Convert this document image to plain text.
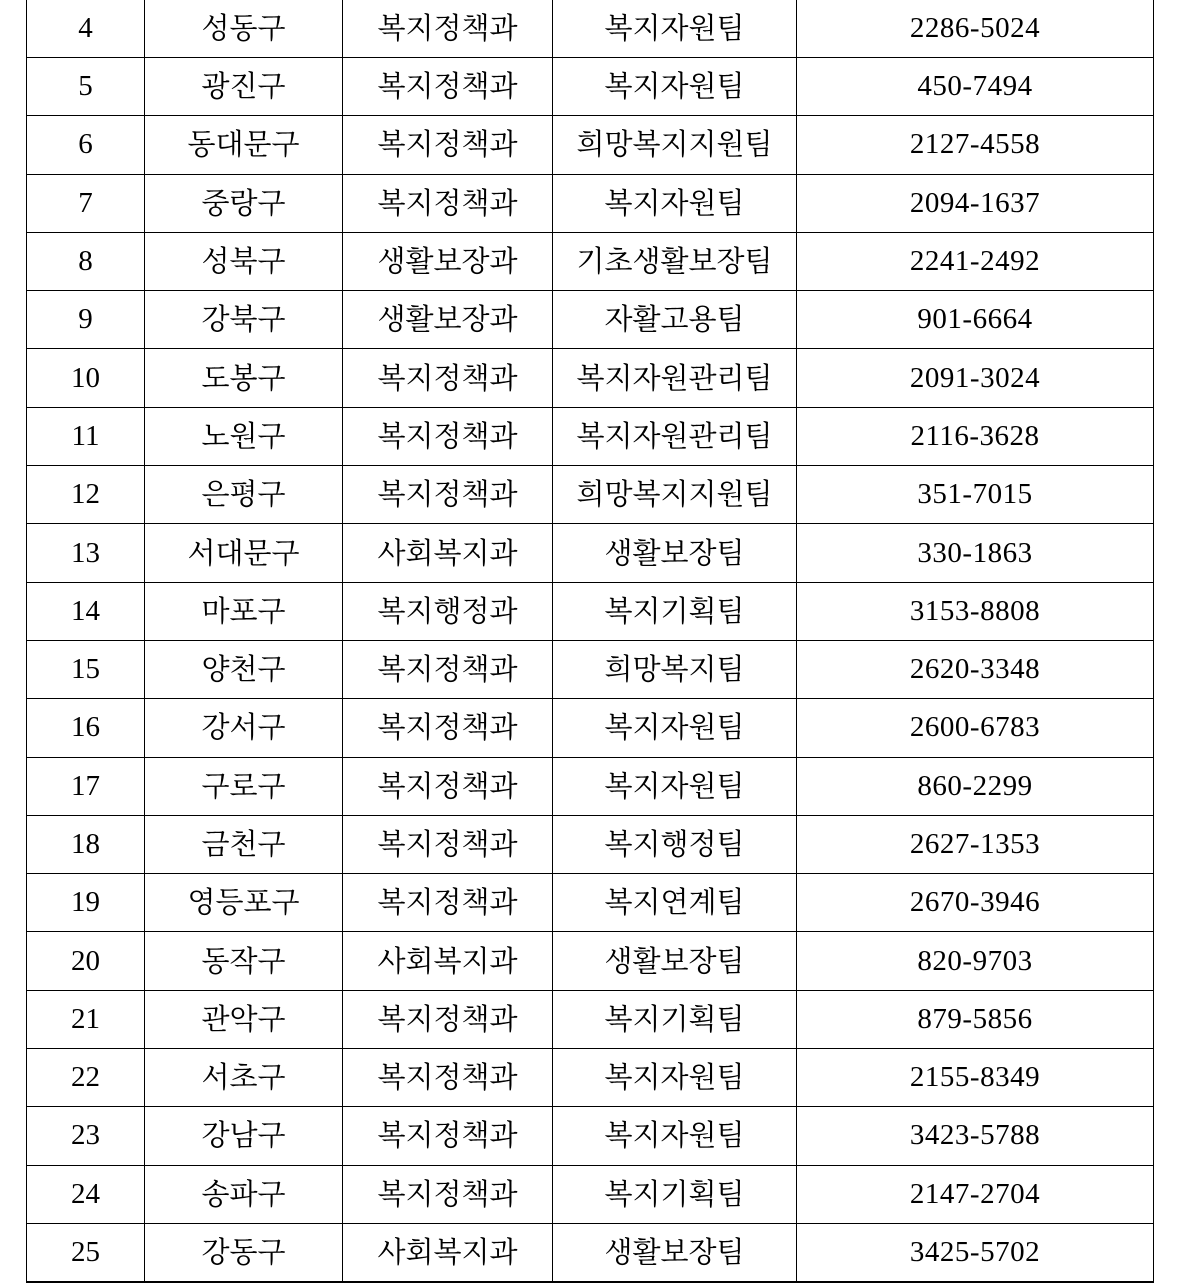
4	성동구	복지정책과	복지자원팀	2286-5024
5	광진구	복지정책과	복지자원팀	450-7494
6	동대문구	복지정책과	희망복지지원팀	2127-4558
7	중랑구	복지정책과	복지자원팀	2094-1637
8	성북구	생활보장과	기초생활보장팀	2241-2492
9	강북구	생활보장과	자활고용팀	901-6664
10	도봉구	복지정책과	복지자원관리팀	2091-3024
11	노원구	복지정책과	복지자원관리팀	2116-3628
12	은평구	복지정책과	희망복지지원팀	351-7015
13	서대문구	사회복지과	생활보장팀	330-1863
14	마포구	복지행정과	복지기획팀	3153-8808
15	양천구	복지정책과	희망복지팀	2620-3348
16	강서구	복지정책과	복지자원팀	2600-6783
17	구로구	복지정책과	복지자원팀	860-2299
18	금천구	복지정책과	복지행정팀	2627-1353
19	영등포구	복지정책과	복지연계팀	2670-3946
20	동작구	사회복지과	생활보장팀	820-9703
21	관악구	복지정책과	복지기획팀	879-5856
22	서초구	복지정책과	복지자원팀	2155-8349
23	강남구	복지정책과	복지자원팀	3423-5788
24	송파구	복지정책과	복지기획팀	2147-2704
25	강동구	사회복지과	생활보장팀	3425-5702
